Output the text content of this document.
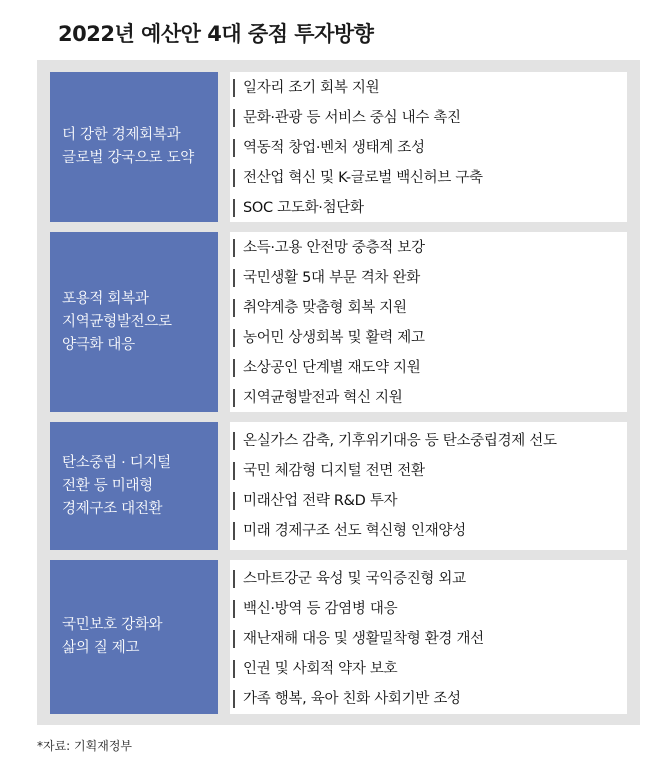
2022년 예산안 4대 중점 투자방향
더 강한 경제회복과
글로벌 강국으로 도약
일자리 조기 회복 지원
문화·관광 등 서비스 중심 내수 촉진
역동적 창업·벤처 생태계 조성
전산업 혁신 및 K-글로벌 백신허브 구축
SOC 고도화·첨단화
포용적 회복과
지역균형발전으로
양극화 대응
소득·고용 안전망 중층적 보강
국민생활 5대 부문 격차 완화
취약계층 맞춤형 회복 지원
농어민 상생회복 및 활력 제고
소상공인 단계별 재도약 지원
지역균형발전과 혁신 지원
탄소중립 · 디지털
전환 등 미래형
경제구조 대전환
온실가스 감축, 기후위기대응 등 탄소중립경제 선도
국민 체감형 디지털 전면 전환
미래산업 전략 R&D 투자
미래 경제구조 선도 혁신형 인재양성
국민보호 강화와
삶의 질 제고
스마트강군 육성 및 국익증진형 외교
백신·방역 등 감염병 대응
재난재해 대응 및 생활밀착형 환경 개선
인권 및 사회적 약자 보호
가족 행복, 육아 친화 사회기반 조성
*자료: 기획재정부
